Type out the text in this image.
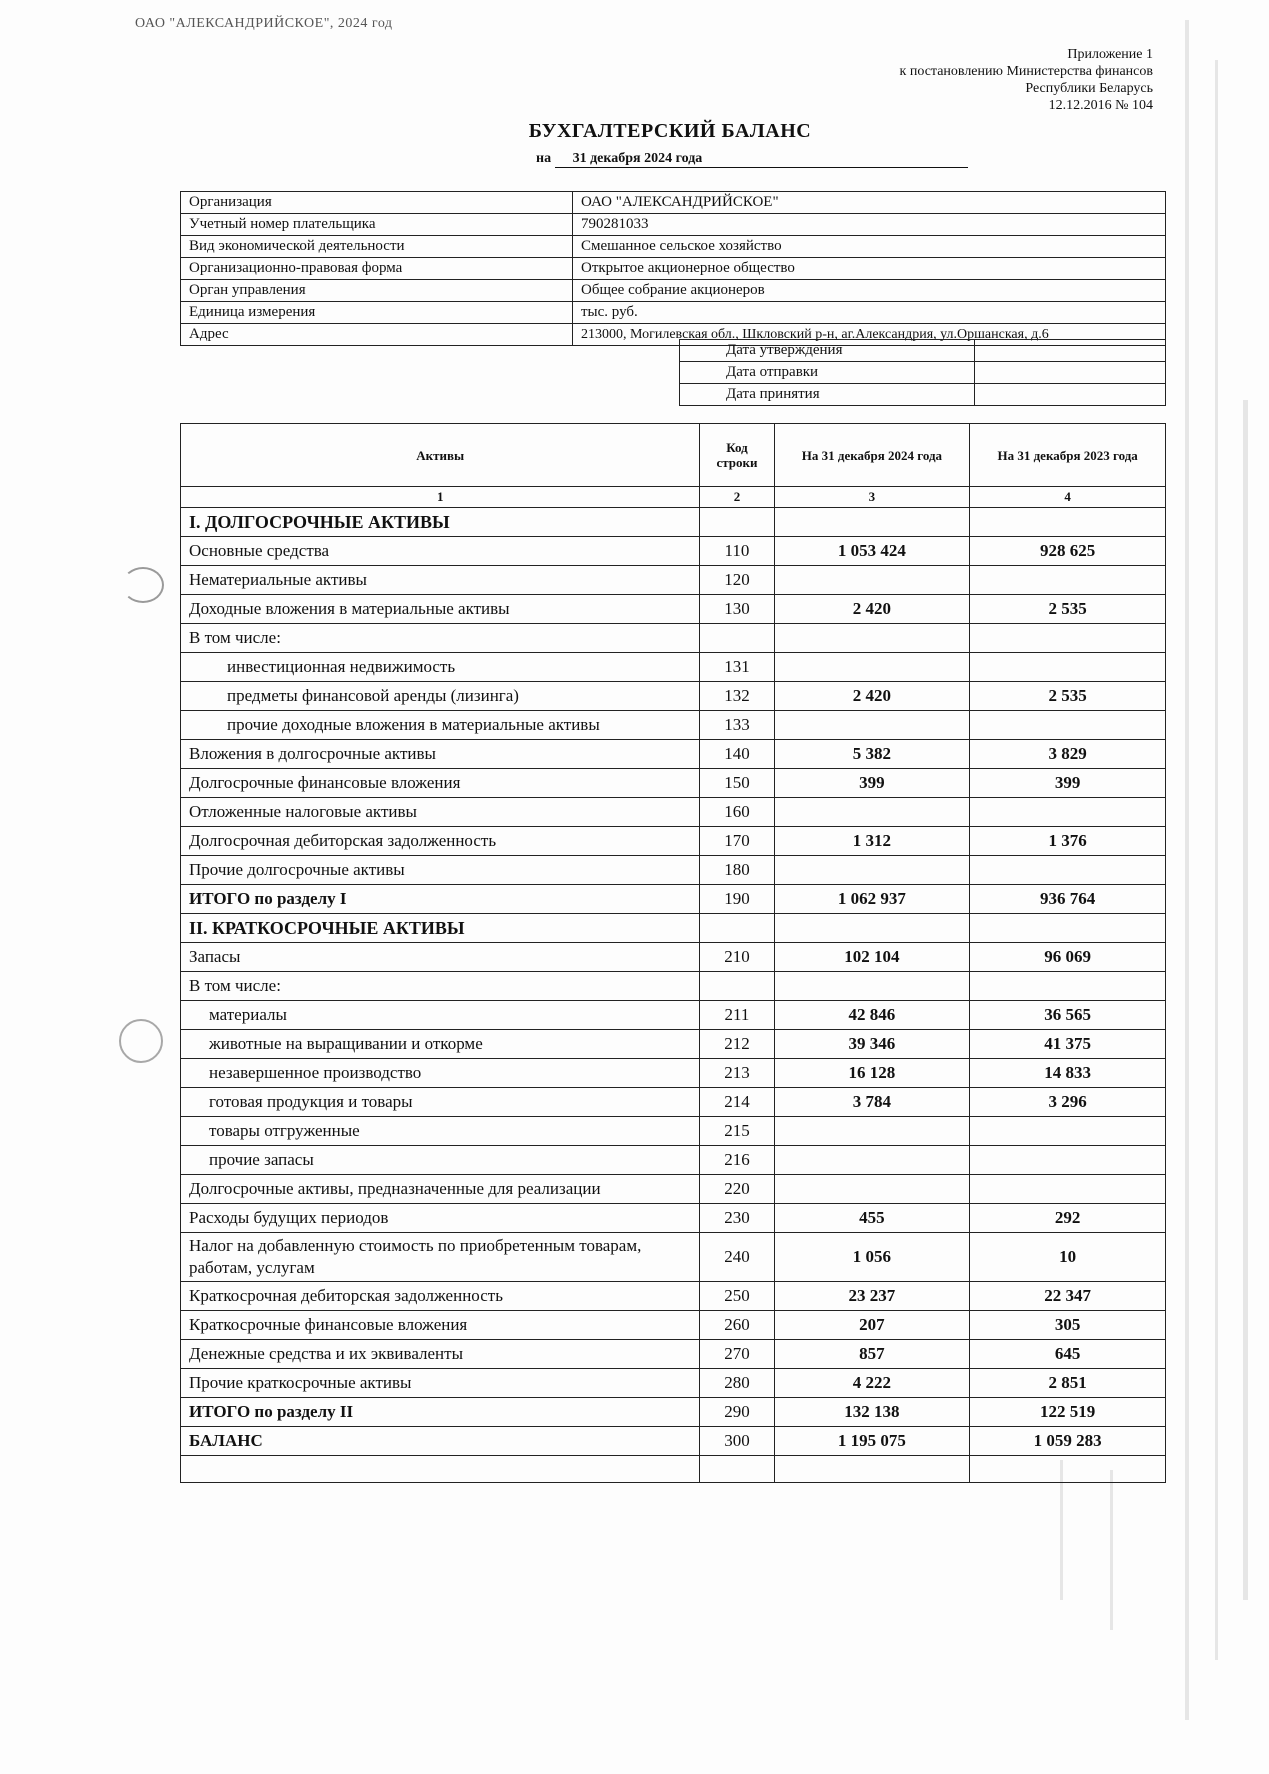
ОАО "АЛЕКСАНДРИЙСКОЕ", 2024 год
Приложение 1
к постановлению Министерства финансов
Республики Беларусь
12.12.2016 № 104
БУХГАЛТЕРСКИЙ БАЛАНС
на 31 декабря 2024 года
Организация	ОАО "АЛЕКСАНДРИЙСКОЕ"
Учетный номер плательщика	790281033
Вид экономической деятельности	Смешанное сельское хозяйство
Организационно-правовая форма	Открытое акционерное общество
Орган управления	Общее собрание акционеров
Единица измерения	тыс. руб.
Адрес	213000, Могилевская обл., Шкловский р-н, аг.Александрия, ул.Оршанская, д.6
Дата утверждения	
Дата отправки	
Дата принятия	
Активы	Код строки	На 31 декабря 2024 года	На 31 декабря 2023 года
1	2	3	4
I. ДОЛГОСРОЧНЫЕ АКТИВЫ			
Основные средства	110	1 053 424	928 625
Нематериальные активы	120		
Доходные вложения в материальные активы	130	2 420	2 535
В том числе:			
инвестиционная недвижимость	131		
предметы финансовой аренды (лизинга)	132	2 420	2 535
прочие доходные вложения в материальные активы	133		
Вложения в долгосрочные активы	140	5 382	3 829
Долгосрочные финансовые вложения	150	399	399
Отложенные налоговые активы	160		
Долгосрочная дебиторская задолженность	170	1 312	1 376
Прочие долгосрочные активы	180		
ИТОГО по разделу I	190	1 062 937	936 764
II. КРАТКОСРОЧНЫЕ АКТИВЫ			
Запасы	210	102 104	96 069
В том числе:			
материалы	211	42 846	36 565
животные на выращивании и откорме	212	39 346	41 375
незавершенное производство	213	16 128	14 833
готовая продукция и товары	214	3 784	3 296
товары отгруженные	215		
прочие запасы	216		
Долгосрочные активы, предназначенные для реализации	220		
Расходы будущих периодов	230	455	292
Налог на добавленную стоимость по приобретенным товарам, работам, услугам	240	1 056	10
Краткосрочная дебиторская задолженность	250	23 237	22 347
Краткосрочные финансовые вложения	260	207	305
Денежные средства и их эквиваленты	270	857	645
Прочие краткосрочные активы	280	4 222	2 851
ИТОГО по разделу II	290	132 138	122 519
БАЛАНС	300	1 195 075	1 059 283
